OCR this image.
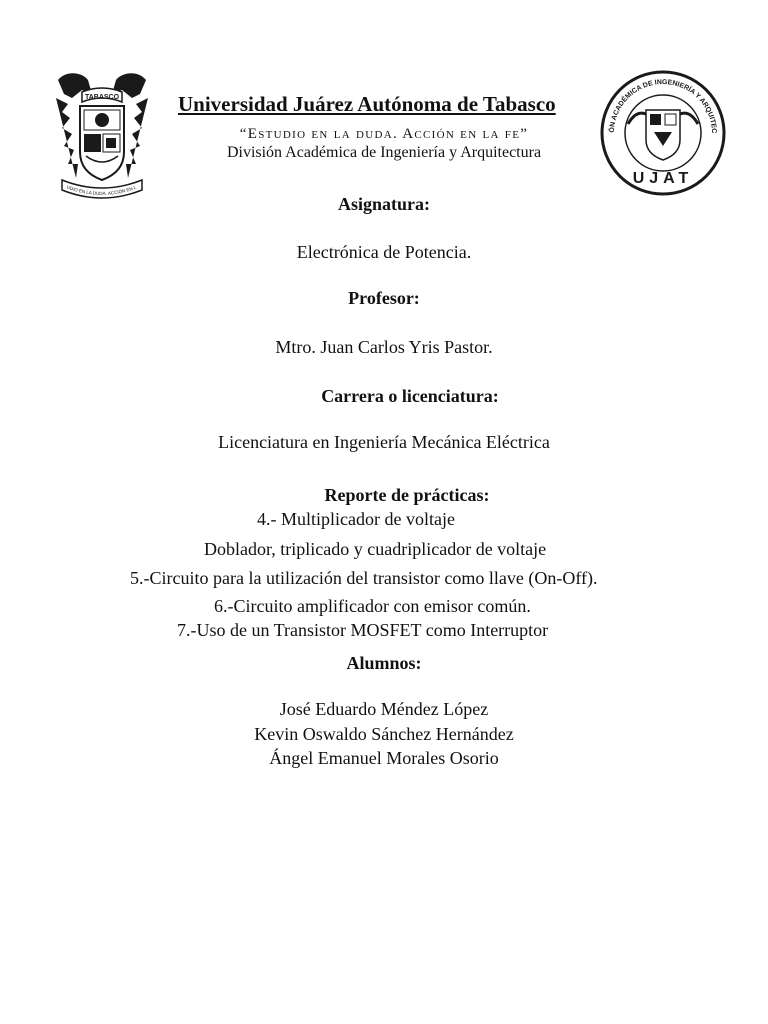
TABASCO
UDIO EN LA DUDA. ACCIÓN EN L
ÓN ACADÉMICA DE INGENIERÍA Y ARQUITEC
UJAT
Universidad Juárez Autónoma de Tabasco
“Estudio en la duda. Acción en la fe”
División Académica de Ingeniería y Arquitectura
Asignatura:
Electrónica de Potencia.
Profesor:
Mtro. Juan Carlos Yris Pastor.
Carrera o licenciatura:
Licenciatura en Ingeniería Mecánica Eléctrica
Reporte de prácticas:
4.- Multiplicador de voltaje
Doblador, triplicado y cuadriplicador de voltaje
5.-Circuito para la utilización del transistor como llave (On-Off).
6.-Circuito amplificador con emisor común.
7.-Uso de un Transistor MOSFET como Interruptor
Alumnos:
José Eduardo Méndez López
Kevin Oswaldo Sánchez Hernández
Ángel Emanuel Morales Osorio
